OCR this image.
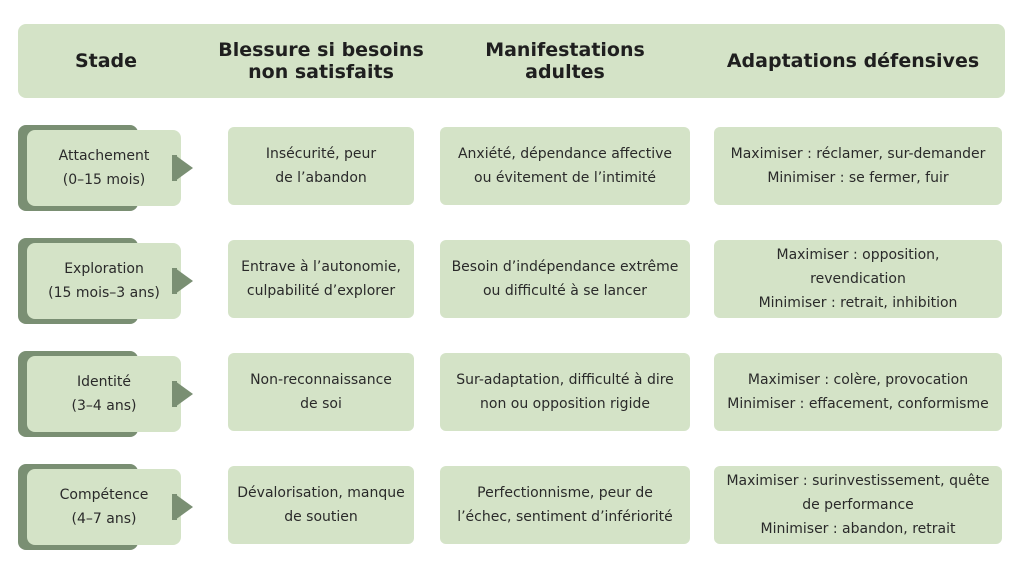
Stade	Blessure si besoins
non satisfaits
Manifestations
adultes	Adaptations défensives
Attachement
(0–15 mois)
Insécurité, peur
de l’abandon
Anxiété, dépendance affective
ou évitement de l’intimité
Maximiser : réclamer, sur-demander
Minimiser : se fermer, fuir
Exploration
(15 mois–3 ans)
Entrave à l’autonomie,
culpabilité d’explorer
Besoin d’indépendance extrême
ou difficulté à se lancer
Maximiser : opposition,
revendication
Minimiser : retrait, inhibition
Identité
(3–4 ans)
Non-reconnaissance
de soi
Sur-adaptation, difficulté à dire
non ou opposition rigide
Maximiser : colère, provocation
Minimiser : effacement, conformisme
Compétence
(4–7 ans)
Dévalorisation, manque
de soutien
Perfectionnisme, peur de
l’échec, sentiment d’infériorité
Maximiser : surinvestissement, quête
de performance
Minimiser : abandon, retrait
